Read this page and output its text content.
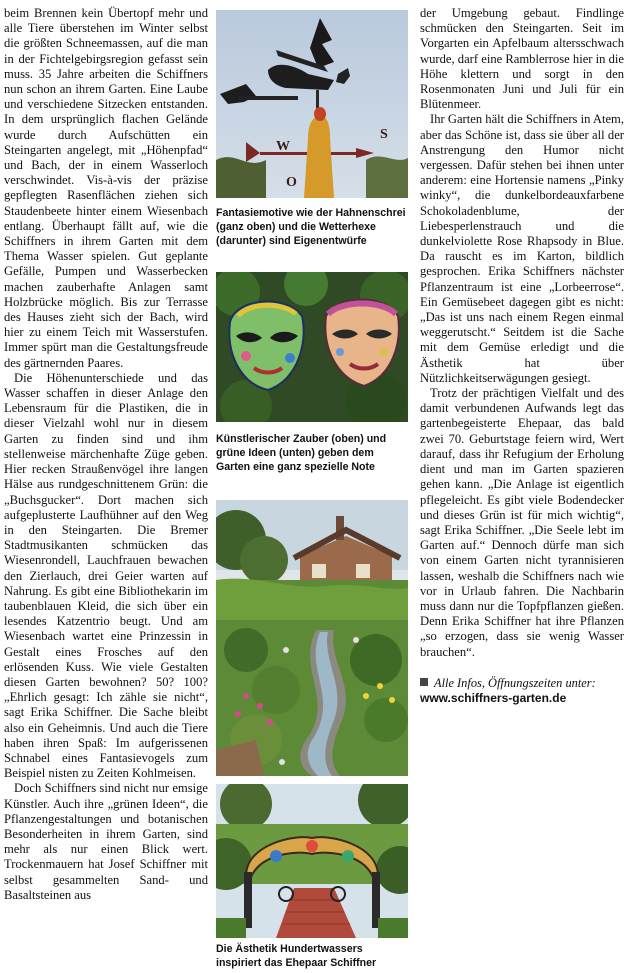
beim Brennen kein Übertopf mehr und alle Tiere überstehen im Winter selbst die größten Schneemassen, auf die man in der Fichtelgebirgsregion gefasst sein muss. 35 Jahre arbeiten die Schiffners nun schon an ihrem Garten. Eine Laube und verschiedene Sitzecken entstanden. In dem ursprünglich flachen Gelände wurde durch Aufschütten ein Steingarten angelegt, mit „Höhenpfad“ und Bach, der in einem Wasserloch verschwindet. Vis-à-vis der präzise gepflegten Rasenflächen ziehen sich Staudenbeete hinter einem Wiesenbach entlang. Überhaupt fällt auf, wie die Schiffners in ihrem Garten mit dem Thema Wasser spielen. Gut geplante Gefälle, Pumpen und Wasserbecken machen zauberhafte Anlagen samt Holzbrücke möglich. Bis zur Terrasse des Hauses zieht sich der Bach, wird hier zu einem Teich mit Wasserstufen. Immer spürt man die Gestaltungsfreude des gärtnernden Paares.

Die Höhenunterschiede und das Wasser schaffen in dieser Anlage den Lebensraum für die Plastiken, die in dieser Vielzahl wohl nur in diesem Garten zu finden sind und ihm stellenweise märchenhafte Züge geben. Hier recken Straußenvögel ihre langen Hälse aus rundgeschnittenem Grün: die „Buchsgucker“. Dort machen sich aufgeplusterte Laufhühner auf den Weg in den Steingarten. Die Bremer Stadtmusikanten schmücken das Wiesenrondell, Lauchfrauen bewachen den Zierlauch, drei Geier warten auf Nahrung. Es gibt eine Bibliothekarin im taubenblauen Kleid, die sich über ein lesendes Katzentrio beugt. Und am Wiesenbach wartet eine Prinzessin in Gestalt eines Frosches auf den erlösenden Kuss. Wie viele Gestalten diesen Garten bewohnen? 50? 100? „Ehrlich gesagt: Ich zähle sie nicht“, sagt Erika Schiffner. Die Sache bleibt also ein Geheimnis. Und auch die Tiere haben ihren Spaß: Im aufgerissenen Schnabel eines Fantasievogels zum Beispiel nisten zu Zeiten Kohlmeisen.

Doch Schiffners sind nicht nur emsige Künstler. Auch ihre „grünen Ideen“, die Pflanzengestaltungen und botanischen Besonderheiten in ihrem Garten, sind mehr als nur einen Blick wert. Trockenmauern hat Josef Schiffner mit selbst gesammelten Sand- und Basaltsteinen aus

W
O
S
Fantasiemotive wie der Hahnenschrei (ganz oben) und die Wetterhexe (darunter) sind Eigenentwürfe
Künstlerischer Zauber (oben) und grüne Ideen (unten) geben dem Garten eine ganz spezielle Note
Die Ästhetik Hundertwassers inspiriert das Ehepaar Schiffner

der Umgebung gebaut. Findlinge schmücken den Steingarten. Seit im Vorgarten ein Apfelbaum altersschwach wurde, darf eine Ramblerrose hier in die Höhe klettern und sorgt in den Rosenmonaten Juni und Juli für ein Blütenmeer.

Ihr Garten hält die Schiffners in Atem, aber das Schöne ist, dass sie über all der Anstrengung den Humor nicht vergessen. Dafür stehen bei ihnen unter anderem: eine Hortensie namens „Pinky winky“, die dunkelbordeauxfarbene Schokoladenblume, der Liebesperlenstrauch und die dunkelviolette Rose Rhapsody in Blue. Da rauscht es im Karton, bildlich gesprochen. Erika Schiffners nächster Pflanzentraum ist eine „Lorbeerrose“. Ein Gemüsebeet dagegen gibt es nicht: „Das ist uns nach einem Regen einmal weggerutscht.“ Seitdem ist die Sache mit dem Gemüse erledigt und die Ästhetik hat über Nützlichkeitserwägungen gesiegt.

Trotz der prächtigen Vielfalt und des damit verbundenen Aufwands legt das gartenbegeisterte Ehepaar, das bald zwei 70. Geburtstage feiern wird, Wert darauf, dass ihr Refugium der Erholung dient und man im Garten spazieren gehen kann. „Die Anlage ist eigentlich pflegeleicht. Es gibt viele Bodendecker und dieses Grün ist für mich wichtig“, sagt Erika Schiffner. „Die Seele lebt im Garten auf.“ Dennoch dürfe man sich von einem Garten nicht tyrannisieren lassen, weshalb die Schiffners nach wie vor in Urlaub fahren. Die Nachbarin muss dann nur die Topfpflanzen gießen. Denn Erika Schiffner hat ihre Pflanzen „so erzogen, dass sie wenig Wasser brauchen“.

Alle Infos, Öffnungszeiten unter:
www.schiffners-garten.de
